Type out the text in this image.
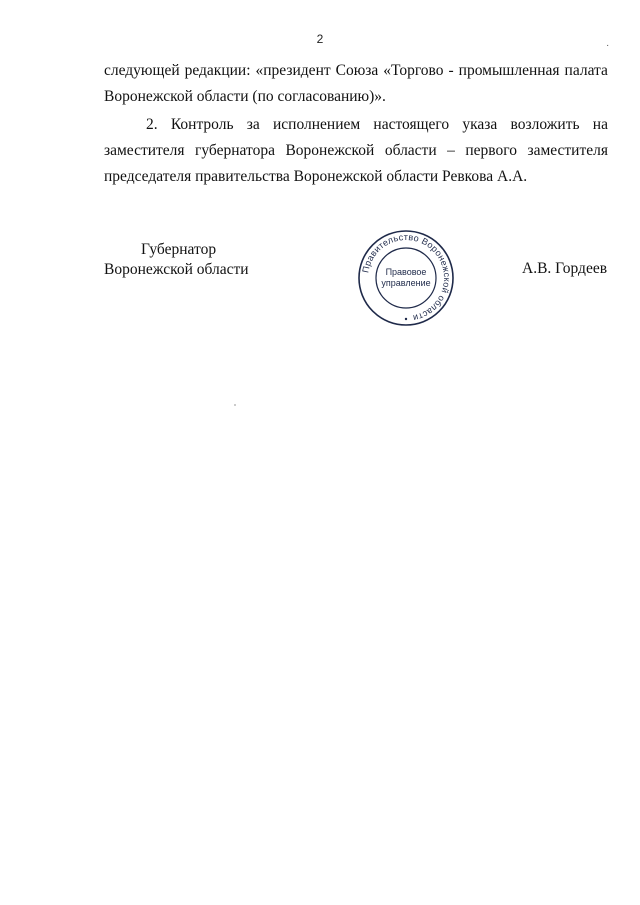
2	·
следующей редакции: «президент Союза «Торгово - промышленная палата
Воронежской области (по согласованию)».
2. Контроль за исполнением настоящего указа возложить на
заместителя губернатора Воронежской области – первого заместителя
председателя правительства Воронежской области Ревкова А.А.
Губернатор
Воронежской области	Правительство Воронежской области
Правовое
управление
А.В. Гордеев
